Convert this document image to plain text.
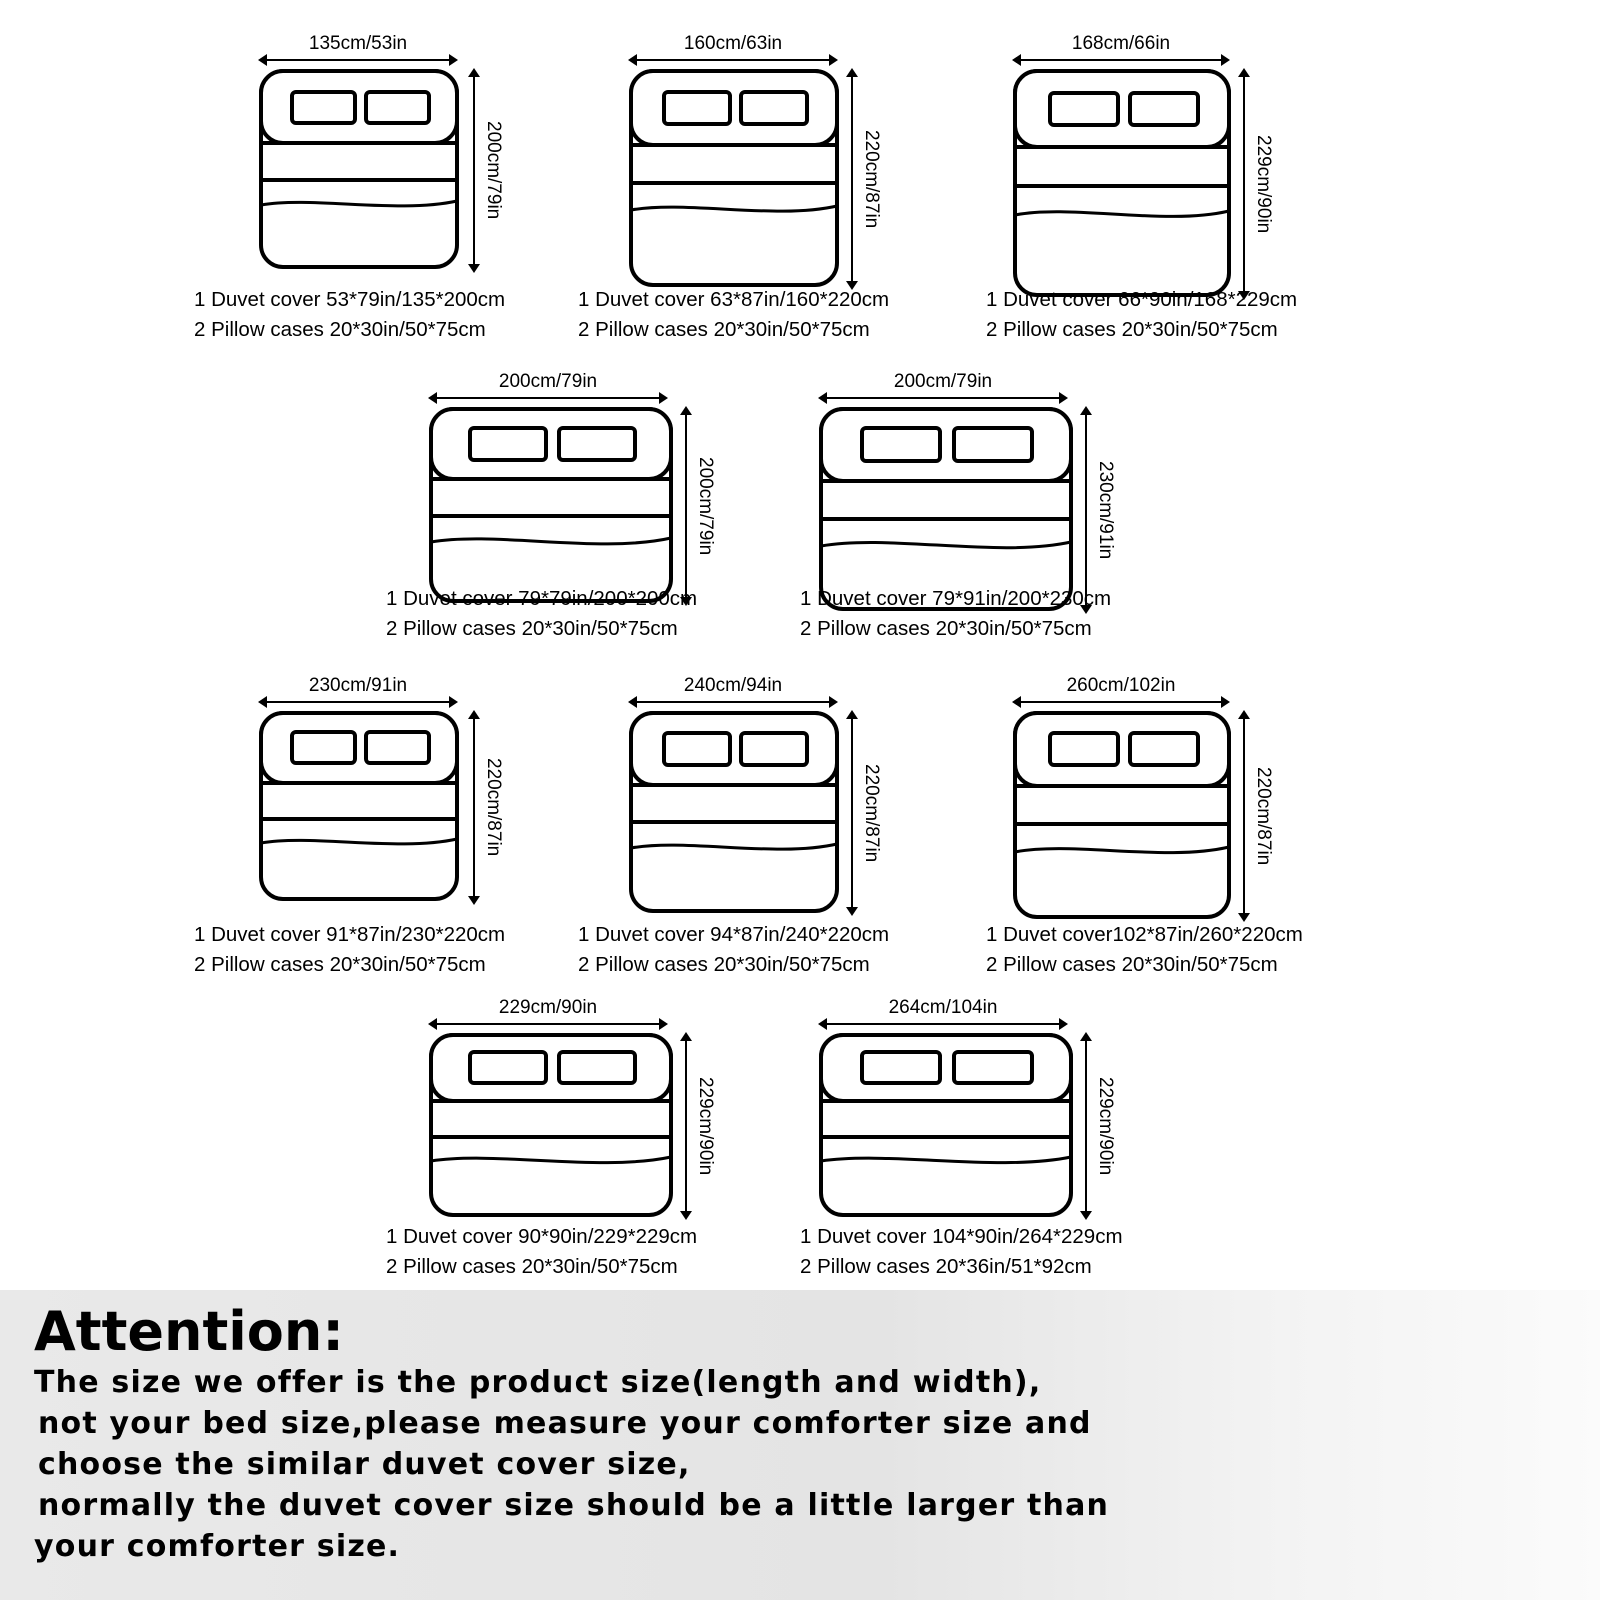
135cm/53in
200cm/79in
1 Duvet cover 53*79in/135*200cm
2 Pillow cases 20*30in/50*75cm
160cm/63in
220cm/87in
1 Duvet cover 63*87in/160*220cm
2 Pillow cases 20*30in/50*75cm
168cm/66in
229cm/90in
1 Duvet cover 66*90in/168*229cm
2 Pillow cases 20*30in/50*75cm
200cm/79in
200cm/79in
1 Duvet cover 79*79in/200*200cm
2 Pillow cases 20*30in/50*75cm
200cm/79in
230cm/91in
1 Duvet cover 79*91in/200*230cm
2 Pillow cases 20*30in/50*75cm
230cm/91in
220cm/87in
1 Duvet cover 91*87in/230*220cm
2 Pillow cases 20*30in/50*75cm
240cm/94in
220cm/87in
1 Duvet cover 94*87in/240*220cm
2 Pillow cases 20*30in/50*75cm
260cm/102in
220cm/87in
1 Duvet cover102*87in/260*220cm
2 Pillow cases 20*30in/50*75cm
229cm/90in
229cm/90in
1 Duvet cover 90*90in/229*229cm
2 Pillow cases 20*30in/50*75cm
264cm/104in
229cm/90in
1 Duvet cover 104*90in/264*229cm
2 Pillow cases 20*36in/51*92cm
Attention:
The size we offer is the product size(length and width),
not your bed size,please measure your comforter size and
choose the similar duvet cover size,
normally the duvet cover size should be a little larger than
your comforter size.
